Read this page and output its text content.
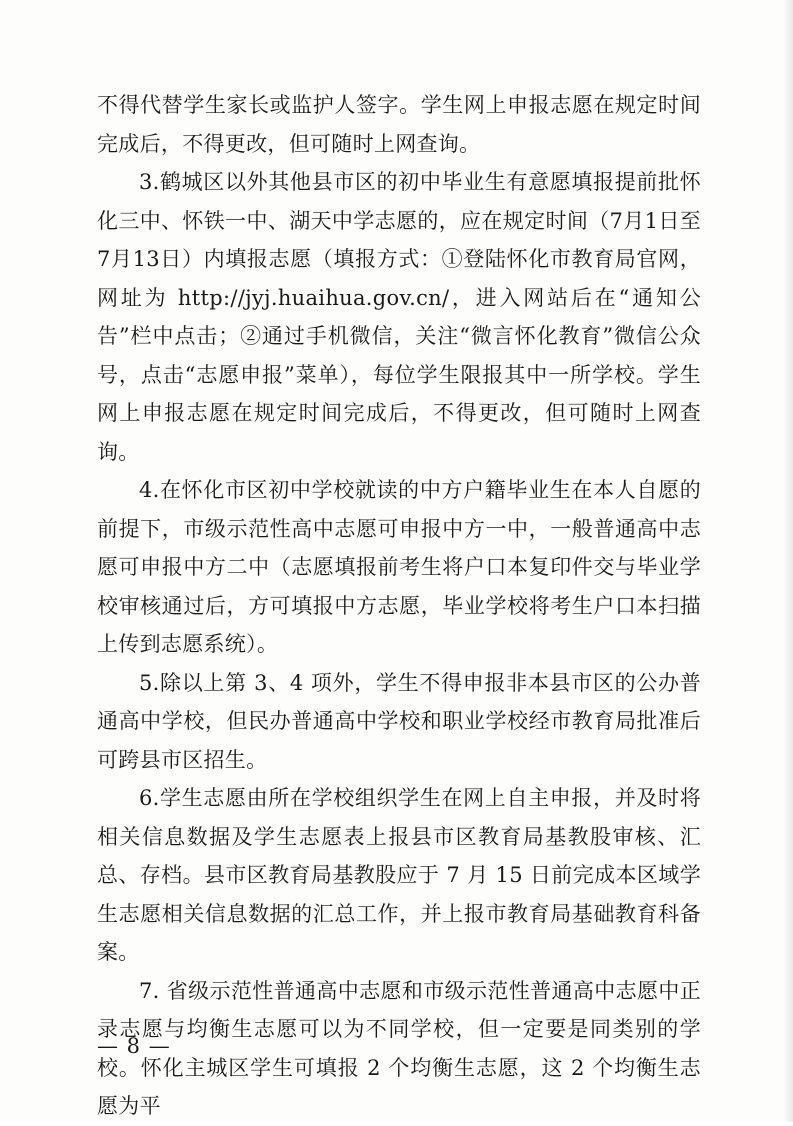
不得代替学生家长或监护人签字。学生网上申报志愿在规定时间完成后，不得更改，但可随时上网查询。

3.鹤城区以外其他县市区的初中毕业生有意愿填报提前批怀化三中、怀铁一中、湖天中学志愿的，应在规定时间（7月1日至7月13日）内填报志愿（填报方式：①登陆怀化市教育局官网，网址为 http://jyj.huaihua.gov.cn/，进入网站后在“通知公告”栏中点击；②通过手机微信，关注“微言怀化教育”微信公众号，点击“志愿申报”菜单），每位学生限报其中一所学校。学生网上申报志愿在规定时间完成后，不得更改，但可随时上网查询。

4.在怀化市区初中学校就读的中方户籍毕业生在本人自愿的前提下，市级示范性高中志愿可申报中方一中，一般普通高中志愿可申报中方二中（志愿填报前考生将户口本复印件交与毕业学校审核通过后，方可填报中方志愿，毕业学校将考生户口本扫描上传到志愿系统）。

5.除以上第 3、4 项外，学生不得申报非本县市区的公办普通高中学校，但民办普通高中学校和职业学校经市教育局批准后可跨县市区招生。

6.学生志愿由所在学校组织学生在网上自主申报，并及时将相关信息数据及学生志愿表上报县市区教育局基教股审核、汇总、存档。县市区教育局基教股应于 7 月 15 日前完成本区域学生志愿相关信息数据的汇总工作，并上报市教育局基础教育科备案。

7. 省级示范性普通高中志愿和市级示范性普通高中志愿中正录志愿与均衡生志愿可以为不同学校，但一定要是同类别的学校。怀化主城区学生可填报 2 个均衡生志愿，这 2 个均衡生志愿为平

— 8 —
